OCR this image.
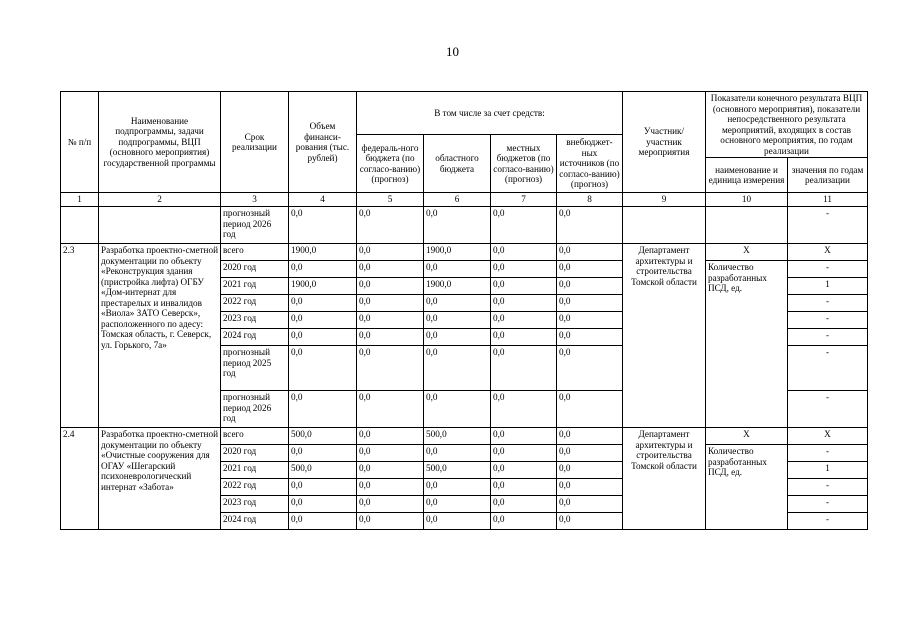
10
№ п/п	Наименование подпрограммы, задачи подпрограммы, ВЦП (основного мероприятия) государственной программы	Срок реализации	Объем финанси-рования (тыс. рублей)	В том числе за счет средств:				Участник/ участник мероприятия	Показатели конечного результата ВЦП (основного мероприятия), показатели непосредственного результата мероприятий, входящих в состав основного мероприятия, по годам реализации	
				федераль-ного бюджета (по согласо-ванию) (прогноз)	областного бюджета	местных бюджетов (по согласо-ванию) (прогноз)	внебюджет-ных источников (по согласо-ванию) (прогноз)			
									наименование и единица измерения	значения по годам реализации
1	2	3	4	5	6	7	8	9	10	11
		прогнозный период 2026 год	0,0	0,0	0,0	0,0	0,0			-
2.3	Разработка проектно-сметной документации по объекту «Реконструкция здания (пристройка лифта) ОГБУ «Дом-интернат для престарелых и инвалидов «Виола» ЗАТО Северск», расположенного по адесу: Томская область, г. Северск, ул. Горького, 7а»	всего	1900,0	0,0	1900,0	0,0	0,0	Департамент архитектуры и строительства Томской области	X	X
		2020 год	0,0	0,0	0,0	0,0	0,0		Количество разработанных ПСД, ед.	-
		2021 год	1900,0	0,0	1900,0	0,0	0,0			1
		2022 год	0,0	0,0	0,0	0,0	0,0			-
		2023 год	0,0	0,0	0,0	0,0	0,0			-
		2024 год	0,0	0,0	0,0	0,0	0,0			-
		прогнозный период 2025 год	0,0	0,0	0,0	0,0	0,0			-
		прогнозный период 2026 год	0,0	0,0	0,0	0,0	0,0			-
2.4	Разработка проектно-сметной документации по объекту «Очистные сооружения для ОГАУ «Шегарский психоневрологический интернат «Забота»	всего	500,0	0,0	500,0	0,0	0,0	Департамент архитектуры и строительства Томской области	X	X
		2020 год	0,0	0,0	0,0	0,0	0,0		Количество разработанных ПСД, ед.	-
		2021 год	500,0	0,0	500,0	0,0	0,0			1
		2022 год	0,0	0,0	0,0	0,0	0,0			-
		2023 год	0,0	0,0	0,0	0,0	0,0			-
		2024 год	0,0	0,0	0,0	0,0	0,0			-
